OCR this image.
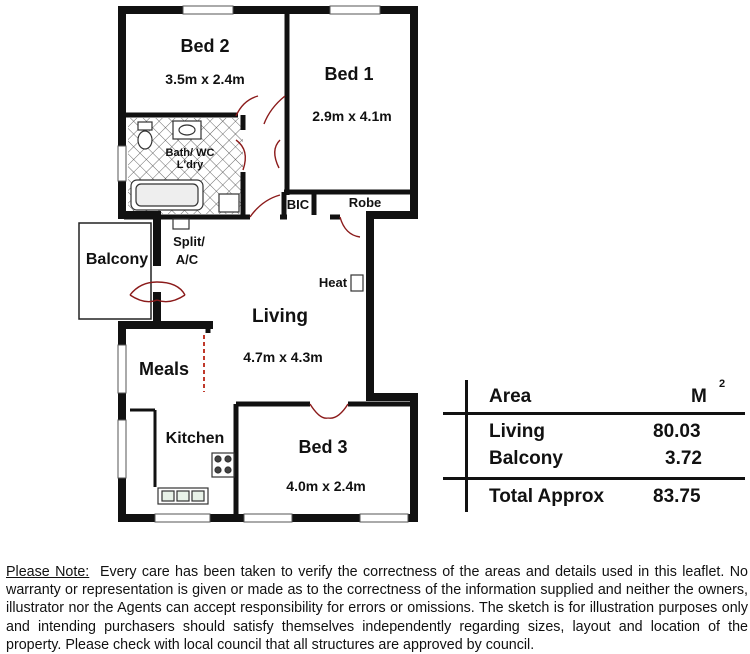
Bed 2
3.5m x 2.4m	Bed 1
2.9m x 4.1m
Bath/ WC
L'dry
BIC	Robe
Split/
A/C
Balcony
Heat
Living
4.7m x 4.3m
Meals
Kitchen	Bed 3
4.0m x 2.4m
Area	M
2
Living	80.03
Balcony	3.72
Total Approx	83.75
Please Note: Every care has been taken to verify the correctness of the areas and details used in this leaflet. No warranty or representation is given or made as to the correctness of the information supplied and neither the owners, illustrator nor the Agents can accept responsibility for errors or omissions. The sketch is for illustration purposes only and intending purchasers should satisfy themselves independently regarding sizes, layout and location of the property. Please check with local council that all structures are approved by council.
